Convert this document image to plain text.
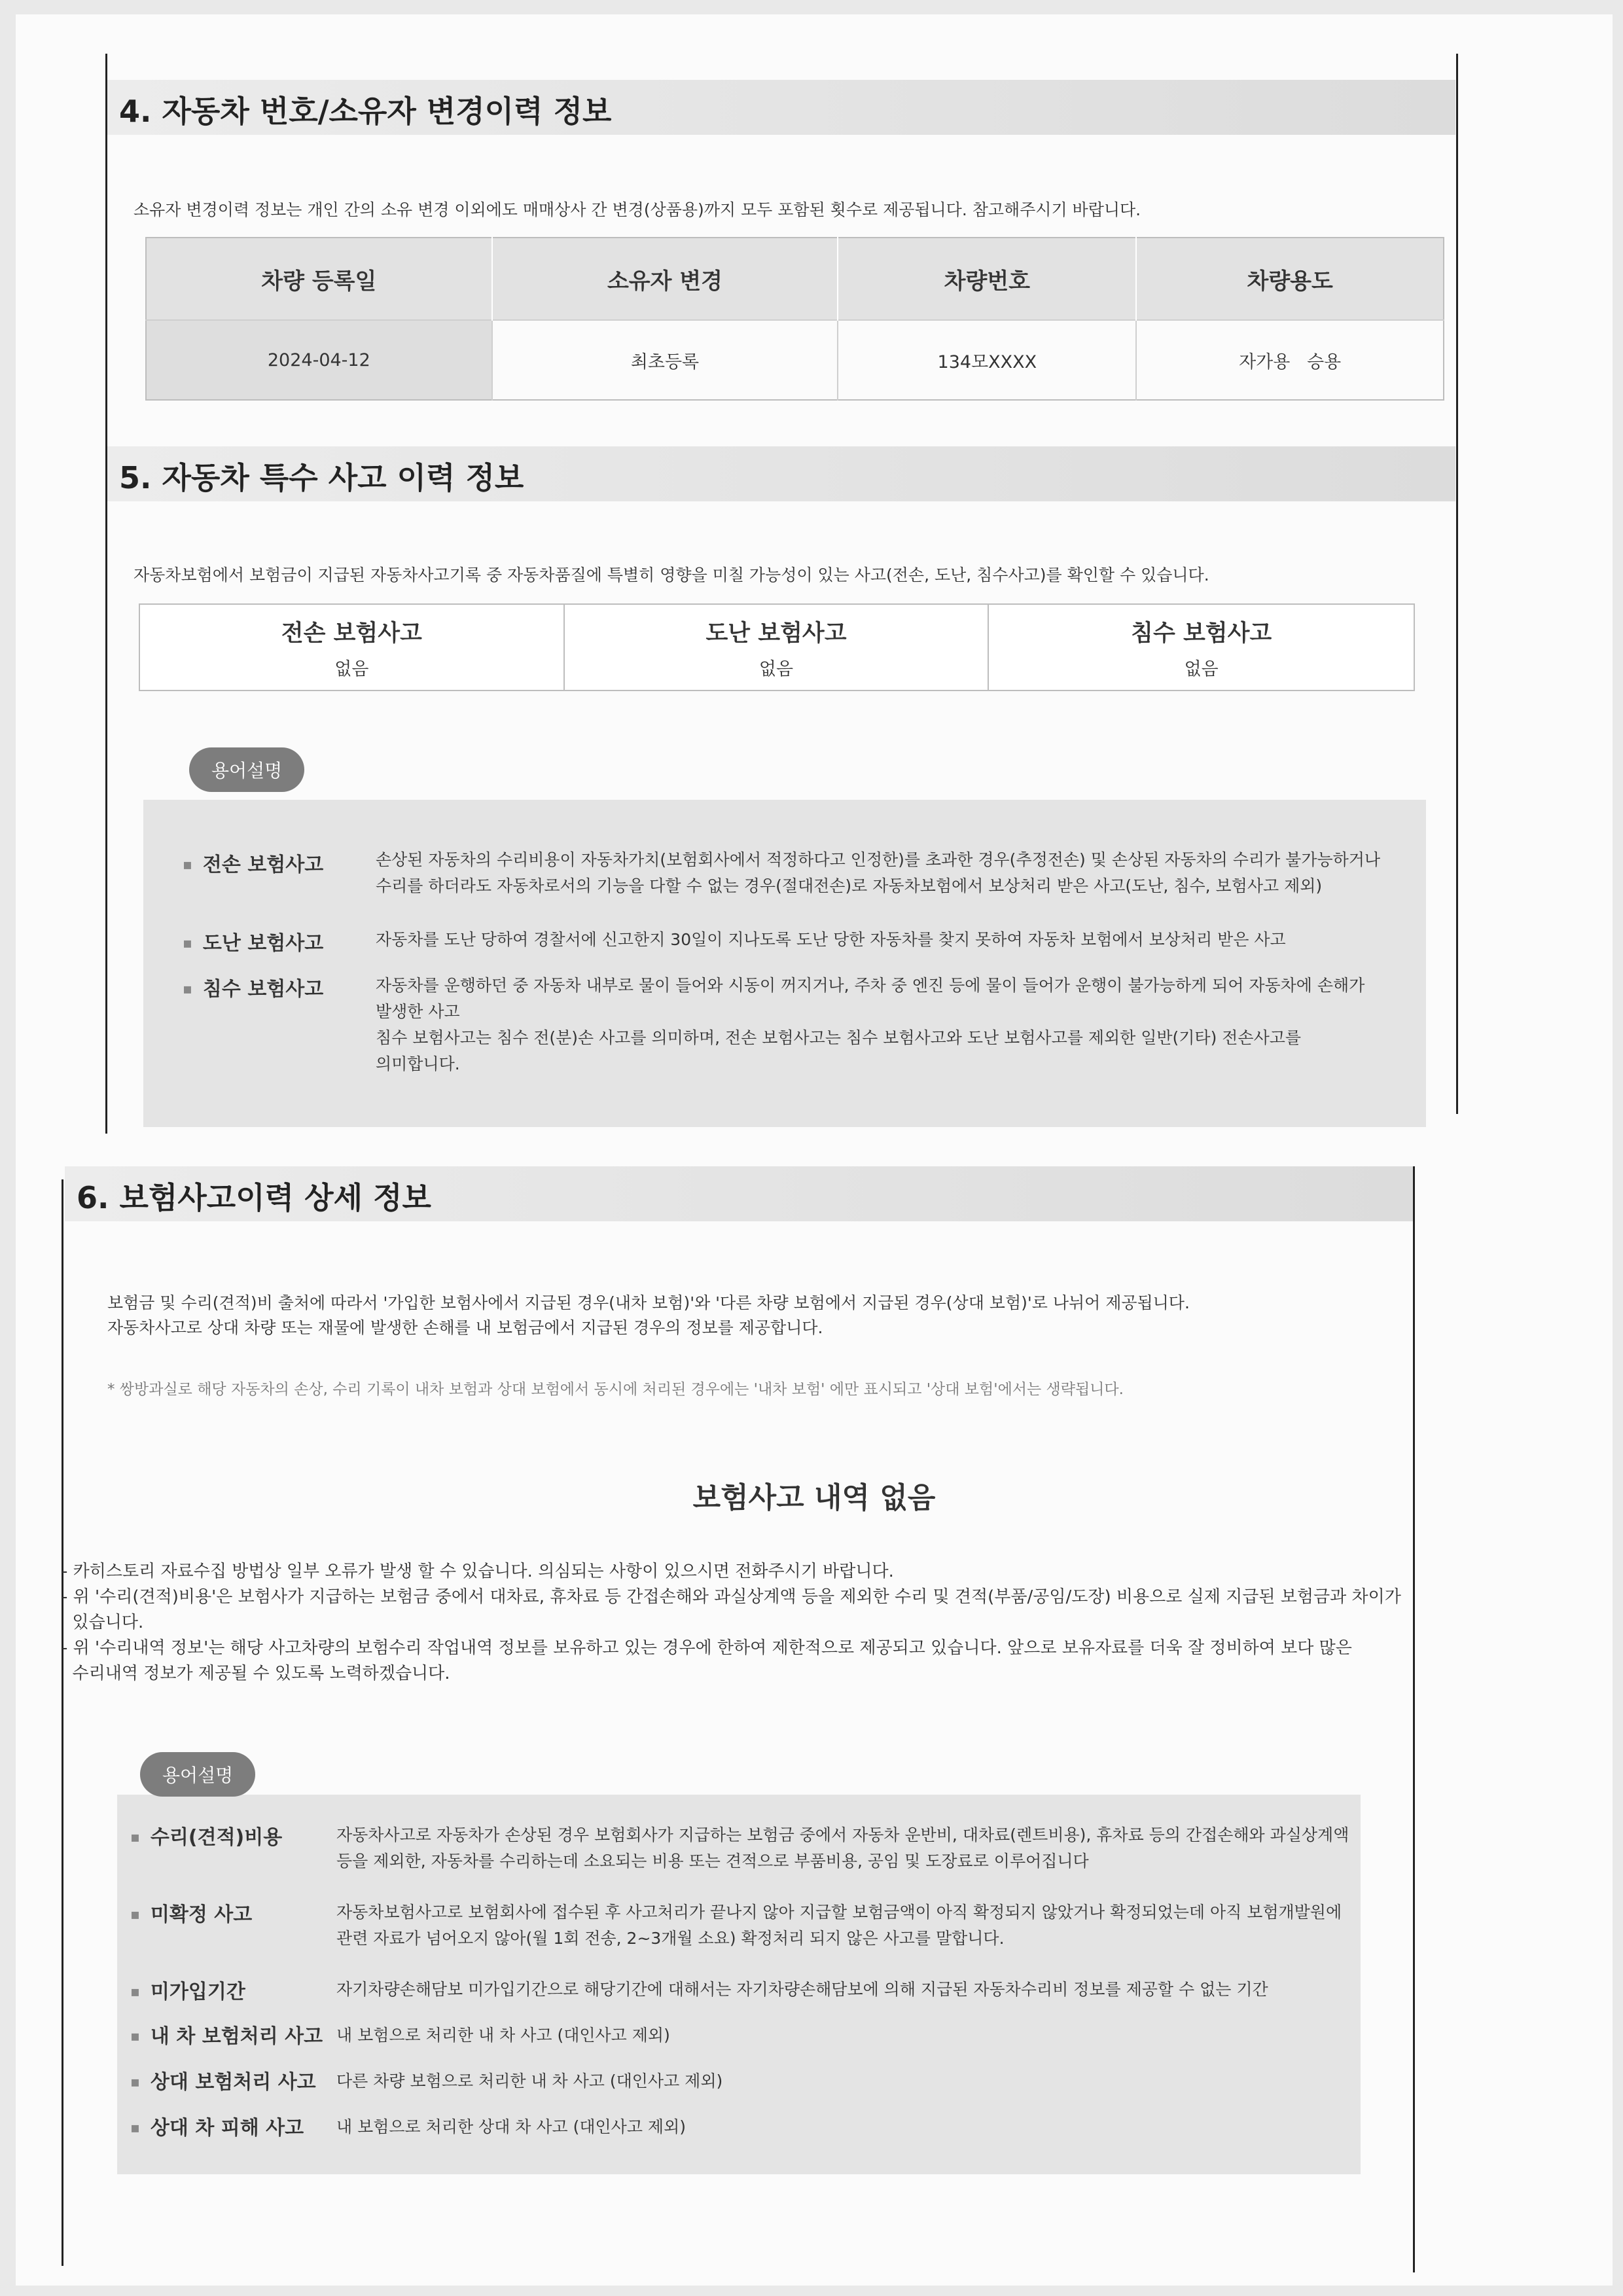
4. 자동차 번호/소유자 변경이력 정보
소유자 변경이력 정보는 개인 간의 소유 변경 이외에도 매매상사 간 변경(상품용)까지 모두 포함된 횟수로 제공됩니다. 참고해주시기 바랍니다.
차량 등록일	소유자 변경	차량번호	차량용도
2024-04-12	최초등록	134모XXXX	자가용   승용
5. 자동차 특수 사고 이력 정보
자동차보험에서 보험금이 지급된 자동차사고기록 중 자동차품질에 특별히 영향을 미칠 가능성이 있는 사고(전손, 도난, 침수사고)를 확인할 수 있습니다.
전손 보험사고
없음

도난 보험사고
없음

침수 보험사고
없음
▪ 전손 보험사고	손상된 자동차의 수리비용이 자동차가치(보험회사에서 적정하다고 인정한)를 초과한 경우(추정전손) 및 손상된 자동차의 수리가 불가능하거나

수리를 하더라도 자동차로서의 기능을 다할 수 없는 경우(절대전손)로 자동차보험에서 보상처리 받은 사고(도난, 침수, 보험사고 제외)

▪ 도난 보험사고	자동차를 도난 당하여 경찰서에 신고한지 30일이 지나도록 도난 당한 자동차를 찾지 못하여 자동차 보험에서 보상처리 받은 사고

▪ 침수 보험사고	자동차를 운행하던 중 자동차 내부로 물이 들어와 시동이 꺼지거나, 주차 중 엔진 등에 물이 들어가 운행이 불가능하게 되어 자동차에 손해가

발생한 사고

침수 보험사고는 침수 전(분)손 사고를 의미하며, 전손 보험사고는 침수 보험사고와 도난 보험사고를 제외한 일반(기타) 전손사고를

의미합니다.

용어설명
6. 보험사고이력 상세 정보

보험금 및 수리(견적)비 출처에 따라서 '가입한 보험사에서 지급된 경우(내차 보험)'와 '다른 차량 보험에서 지급된 경우(상대 보험)'로 나뉘어 제공됩니다.

자동차사고로 상대 차량 또는 재물에 발생한 손해를 내 보험금에서 지급된 경우의 정보를 제공합니다.

* 쌍방과실로 해당 자동차의 손상, 수리 기록이 내차 보험과 상대 보험에서 동시에 처리된 경우에는 '내차 보험' 에만 표시되고 '상대 보험'에서는 생략됩니다.
보험사고 내역 없음

- 카히스토리 자료수집 방법상 일부 오류가 발생 할 수 있습니다. 의심되는 사항이 있으시면 전화주시기 바랍니다.

- 위 '수리(견적)비용'은 보험사가 지급하는 보험금 중에서 대차료, 휴차료 등 간접손해와 과실상계액 등을 제외한 수리 및 견적(부품/공임/도장) 비용으로 실제 지급된 보험금과 차이가

있습니다.

- 위 '수리내역 정보'는 해당 사고차량의 보험수리 작업내역 정보를 보유하고 있는 경우에 한하여 제한적으로 제공되고 있습니다. 앞으로 보유자료를 더욱 잘 정비하여 보다 많은

수리내역 정보가 제공될 수 있도록 노력하겠습니다.

▪ 수리(견적)비용	자동차사고로 자동차가 손상된 경우 보험회사가 지급하는 보험금 중에서 자동차 운반비, 대차료(렌트비용), 휴차료 등의 간접손해와 과실상계액

등을 제외한, 자동차를 수리하는데 소요되는 비용 또는 견적으로 부품비용, 공임 및 도장료로 이루어집니다

▪ 미확정 사고	자동차보험사고로 보험회사에 접수된 후 사고처리가 끝나지 않아 지급할 보험금액이 아직 확정되지 않았거나 확정되었는데 아직 보험개발원에

관련 자료가 넘어오지 않아(월 1회 전송, 2~3개월 소요) 확정처리 되지 않은 사고를 말합니다.

▪ 미가입기간	자기차량손해담보 미가입기간으로 해당기간에 대해서는 자기차량손해담보에 의해 지급된 자동차수리비 정보를 제공할 수 없는 기간

▪ 내 차 보험처리 사고 내 보험으로 처리한 내 차 사고 (대인사고 제외)

▪ 상대 보험처리 사고 다른 차량 보험으로 처리한 내 차 사고 (대인사고 제외)

▪ 상대 차 피해 사고 내 보험으로 처리한 상대 차 사고 (대인사고 제외)

용어설명
